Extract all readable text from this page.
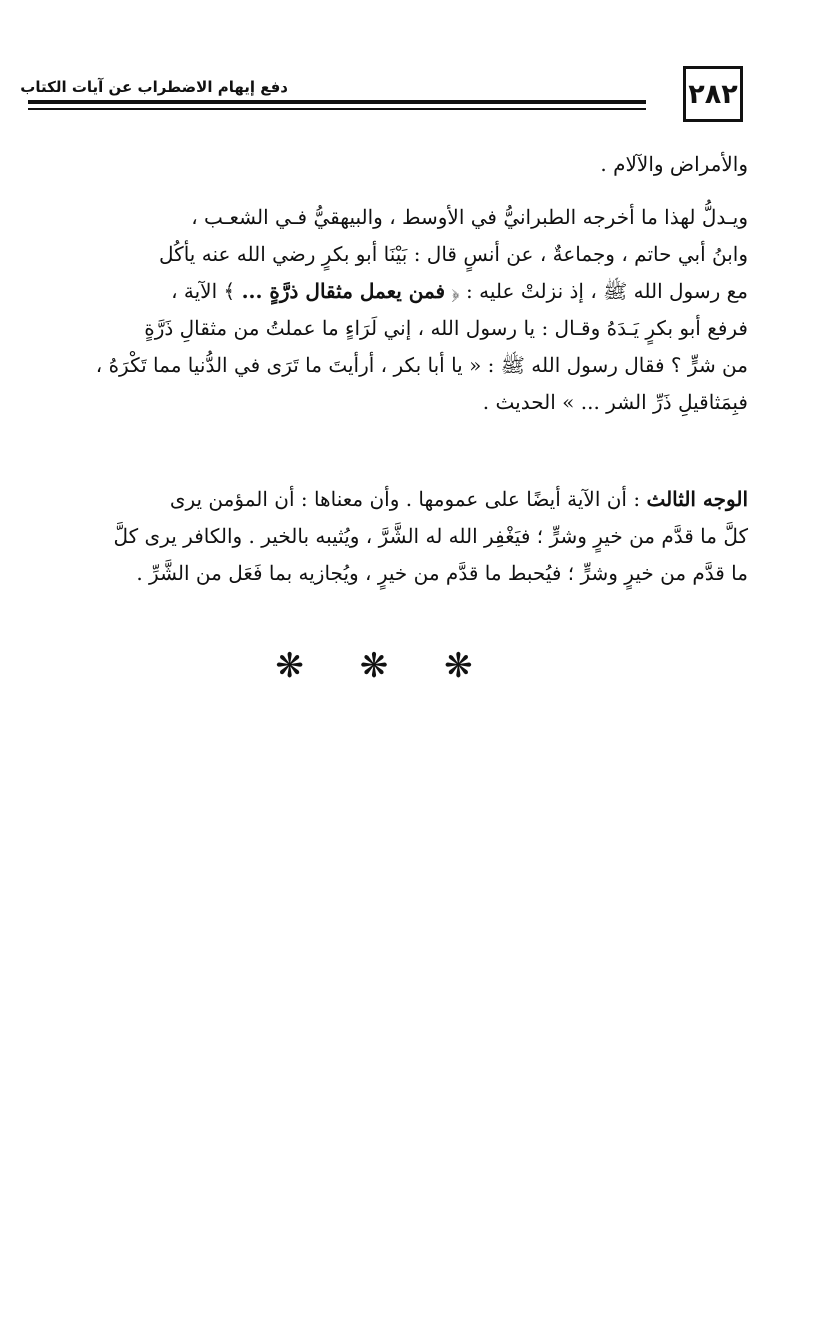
٢٨٢
دفع إيهام الاضطراب عن آيات الكتاب
والأمراض والآلام .
ويـدلُّ لهذا ما أخرجه الطبرانيُّ في الأوسط ، والبيهقيُّ فـي الشعـب ،
وابنُ أبي حاتم ، وجماعةٌ ، عن أنسٍ قال : بَيْنَا أبو بكرٍ رضي الله عنه يأكُل
مع رسول الله ﷺ ، إذ نزلتْ عليه : ﴿ فمن يعمل مثقال ذرَّةٍ ... ﴾ الآية ،
فرفع أبو بكرٍ يَـدَهُ وقـال : يا رسول الله ، إني لَرَاءٍ ما عملتُ من مثقالِ ذَرَّةٍ
من شرٍّ ؟ فقال رسول الله ﷺ : « يا أبا بكر ، أرأيتَ ما تَرَى في الدُّنيا مما تَكْرَهُ ،
فبِمَثاقيلِ ذَرِّ الشر ... » الحديث .
الوجه الثالث : أن الآية أيضًا على عمومها . وأن معناها : أن المؤمن يرى
كلَّ ما قدَّم من خيرٍ وشرٍّ ؛ فيَغْفِر الله له الشَّرَّ ، ويُثيبه بالخير . والكافر يرى كلَّ
ما قدَّم من خيرٍ وشرٍّ ؛ فيُحبط ما قدَّم من خيرٍ ، ويُجازيه بما فَعَل من الشَّرِّ .
❋ ❋ ❋
